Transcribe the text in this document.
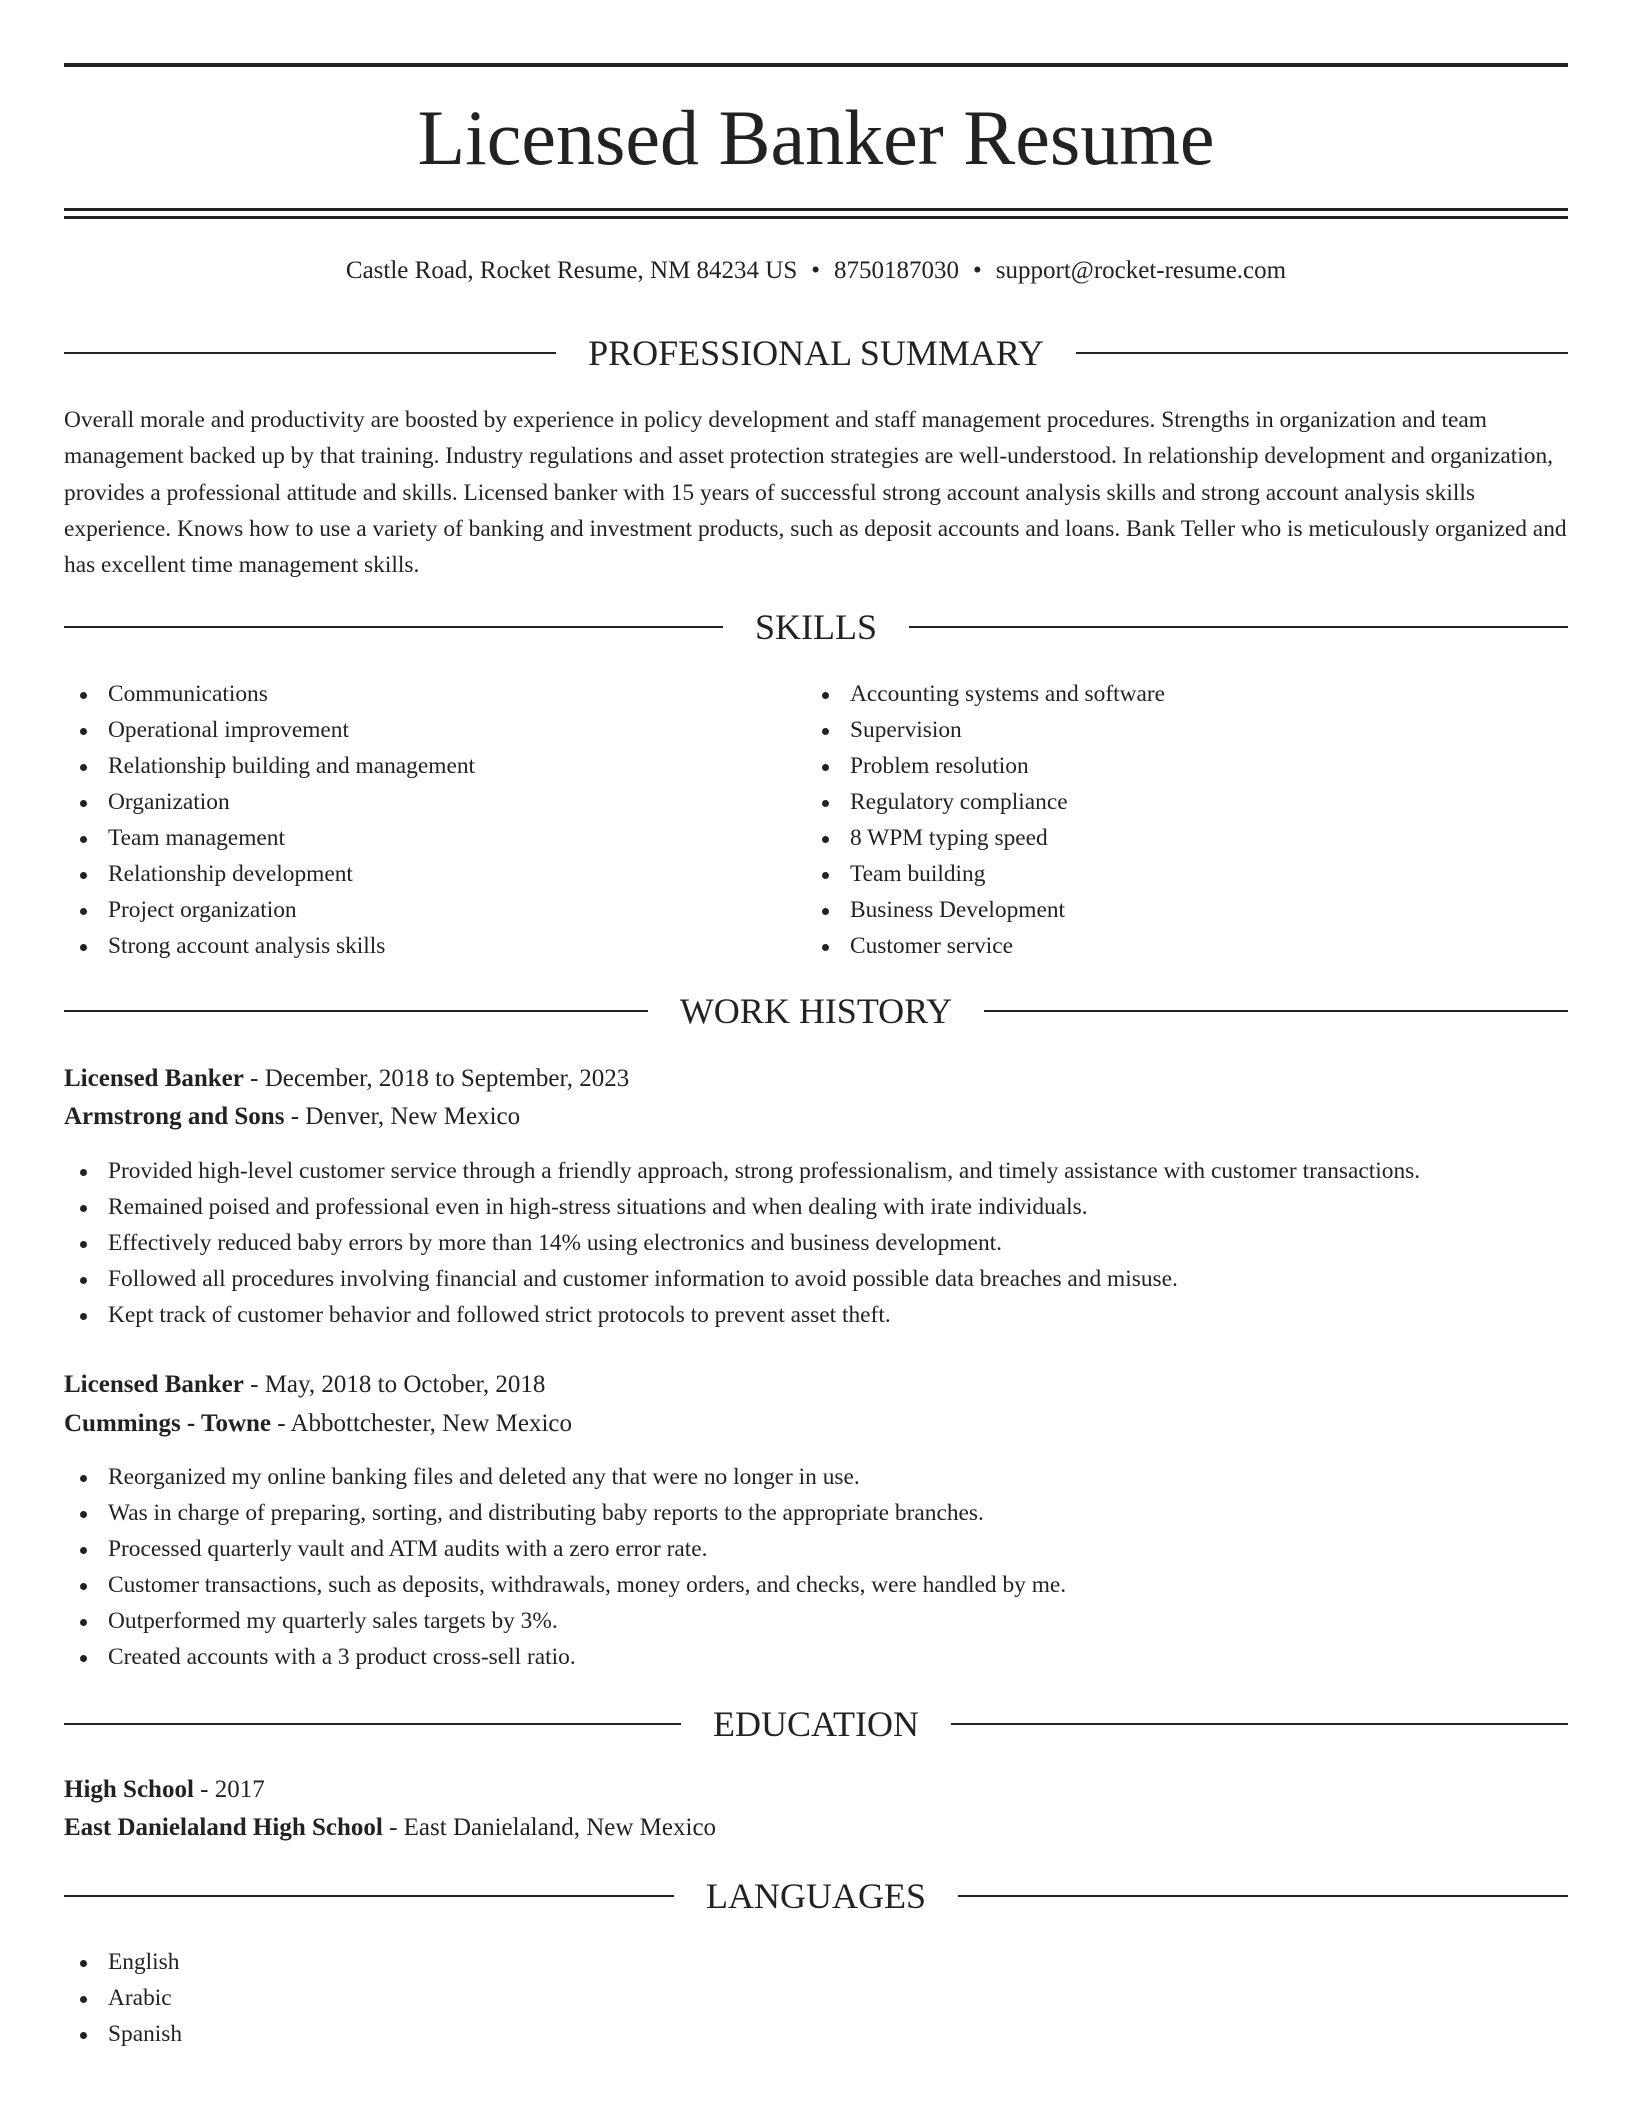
Licensed Banker Resume
Castle Road, Rocket Resume, NM 84234 US • 8750187030 • support@rocket-resume.com
PROFESSIONAL SUMMARY

Overall morale and productivity are boosted by experience in policy development and staff management procedures. Strengths in organization and team management backed up by that training. Industry regulations and asset protection strategies are well-understood. In relationship development and organization, provides a professional attitude and skills. Licensed banker with 15 years of successful strong account analysis skills and strong account analysis skills experience. Knows how to use a variety of banking and investment products, such as deposit accounts and loans. Bank Teller who is meticulously organized and has excellent time management skills.

SKILLS
Communications
Operational improvement
Relationship building and management
Organization
Team management
Relationship development
Project organization
Strong account analysis skills
Accounting systems and software
Supervision
Problem resolution
Regulatory compliance
8 WPM typing speed
Team building
Business Development
Customer service
WORK HISTORY
Licensed Banker - December, 2018 to September, 2023
Armstrong and Sons - Denver, New Mexico
Provided high-level customer service through a friendly approach, strong professionalism, and timely assistance with customer transactions.
Remained poised and professional even in high-stress situations and when dealing with irate individuals.
Effectively reduced baby errors by more than 14% using electronics and business development.
Followed all procedures involving financial and customer information to avoid possible data breaches and misuse.
Kept track of customer behavior and followed strict protocols to prevent asset theft.
Licensed Banker - May, 2018 to October, 2018
Cummings - Towne - Abbottchester, New Mexico
Reorganized my online banking files and deleted any that were no longer in use.
Was in charge of preparing, sorting, and distributing baby reports to the appropriate branches.
Processed quarterly vault and ATM audits with a zero error rate.
Customer transactions, such as deposits, withdrawals, money orders, and checks, were handled by me.
Outperformed my quarterly sales targets by 3%.
Created accounts with a 3 product cross-sell ratio.
EDUCATION
High School - 2017
East Danielaland High School - East Danielaland, New Mexico
LANGUAGES
English
Arabic
Spanish
